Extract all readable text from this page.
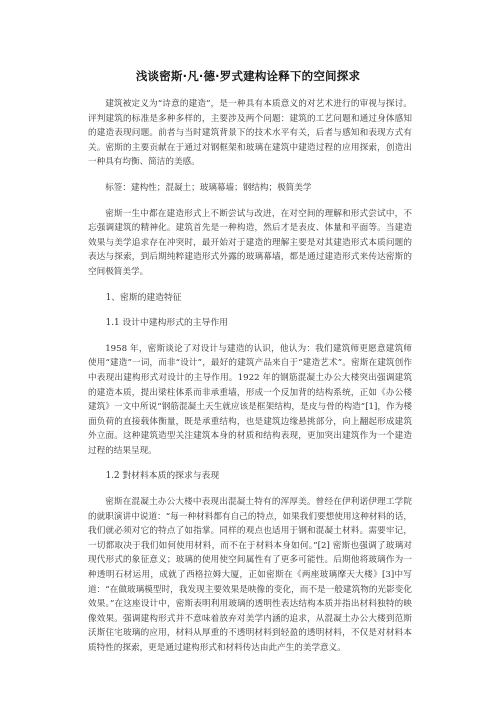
浅谈密斯·凡·德·罗式建构诠释下的空间探求

建筑被定义为“诗意的建造”，是一种具有本质意义的对艺术进行的审视与探讨。评判建筑的标准是多种多样的，主要涉及两个问题：建筑的工艺问题和通过身体感知的建造表现问题。前者与当时建筑背景下的技术水平有关，后者与感知和表现方式有关。密斯的主要贡献在于通过对钢框架和玻璃在建筑中建造过程的应用探索，创造出一种具有均衡、简洁的美感。

标签：建构性；混凝土；玻璃幕墙；钢结构；极简美学

密斯一生中都在建造形式上不断尝试与改进，在对空间的理解和形式尝试中，不忘强调建筑的精神化。建筑首先是一种构造，然后才是表皮、体量和平面等。当建造效果与美学追求存在冲突时，最开始对于建造的理解主要是对其建造形式本质问题的表达与探索，到后期纯粹建造形式外露的玻璃幕墙，都是通过建造形式来传达密斯的空间极简美学。

1、密斯的建造特征
1.1 设计中建构形式的主导作用

1958 年，密斯谈论了对设计与建造的认识，他认为：我们建筑师更愿意建筑师使用“建造”一词，而非“设计”，最好的建筑产品来自于“建造艺术”。密斯在建筑创作中表现出建构形式对设计的主导作用。1922 年的钢筋混凝土办公大楼突出强调建筑的建造本质，提出梁柱体系而非承重墙，形成一个反加背的结构系统，正如《办公楼建筑》一文中所说“钢筋混凝土天生就应该是框架结构，是皮与骨的构造”[1]，作为楼面负荷的直接载体衡量，既是承重结构，也是建筑边缘悬挑部分，向上翻起形成建筑外立面。这种建筑造型关注建筑本身的材质和结构表现，更加突出建筑作为一个建造过程的结果呈现。

1.2 對材料本质的探求与表现

密斯在混凝土办公大楼中表现出混凝土特有的浑厚美。曾经在伊利诺伊理工学院的就职演讲中说道：“每一种材料都有自己的特点，如果我们要想使用这种材料的话，我们就必须对它的特点了如指掌。同样的观点也适用于钢和混凝土材料。需要牢记，一切都取决于我们如何使用材料，而不在于材料本身如何。”[2] 密斯也强调了玻璃对现代形式的象征意义；玻璃的使用使空间属性有了更多可能性。后期他将玻璃作为一种透明石材运用，成就了西格拉姆大厦，正如密斯在《两座玻璃摩天大楼》[3]中写道：“在做玻璃模型时，我发现主要效果是映像的变化，而不是一般建筑物的光影变化效果。”在这座设计中，密斯表明利用玻璃的透明性表达结构本质并指出材料独特的映像效果。强调建构形式并不意味着放弃对美学内涵的追求，从混凝土办公大楼到范斯沃斯住宅玻璃的应用，材料从厚重的不透明材料到轻盈的透明材料，不仅是对材料本质特性的探索，更是通过建构形式和材料传达由此产生的美学意义。
